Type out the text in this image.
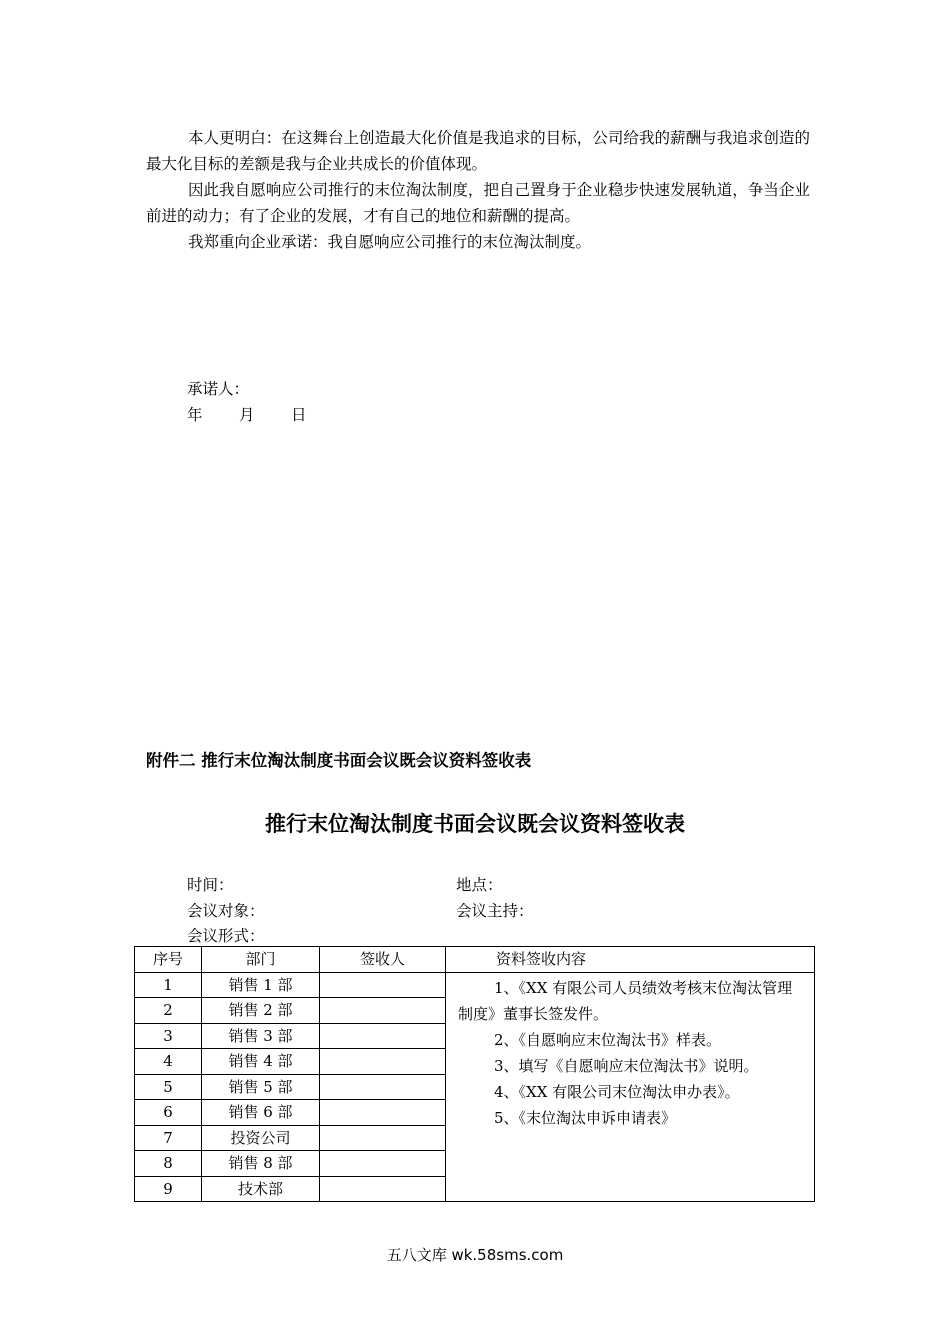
本人更明白：在这舞台上创造最大化价值是我追求的目标，公司给我的薪酬与我追求创造的最大化目标的差额是我与企业共成长的价值体现。

因此我自愿响应公司推行的末位淘汰制度，把自己置身于企业稳步快速发展轨道，争当企业前进的动力；有了企业的发展，才有自己的地位和薪酬的提高。

我郑重向企业承诺：我自愿响应公司推行的末位淘汰制度。

承诺人：

年 月 日

附件二 推行末位淘汰制度书面会议既会议资料签收表

推行末位淘汰制度书面会议既会议资料签收表

时间：	地点：

会议对象：	会议主持：

会议形式：

序号	部门	签收人	资料签收内容
1	销售 1 部		1、《XX 有限公司人员绩效考核末位淘汰管理制度》董事长签发件。
2、《自愿响应末位淘汰书》样表。
3、填写《自愿响应末位淘汰书》说明。
4、《XX 有限公司末位淘汰申办表》。
5、《末位淘汰申诉申请表》

2	销售 2 部		
3	销售 3 部		
4	销售 4 部		
5	销售 5 部		
6	销售 6 部		
7	投资公司		
8	销售 8 部		
9	技术部		

五八文库 wk.58sms.com
